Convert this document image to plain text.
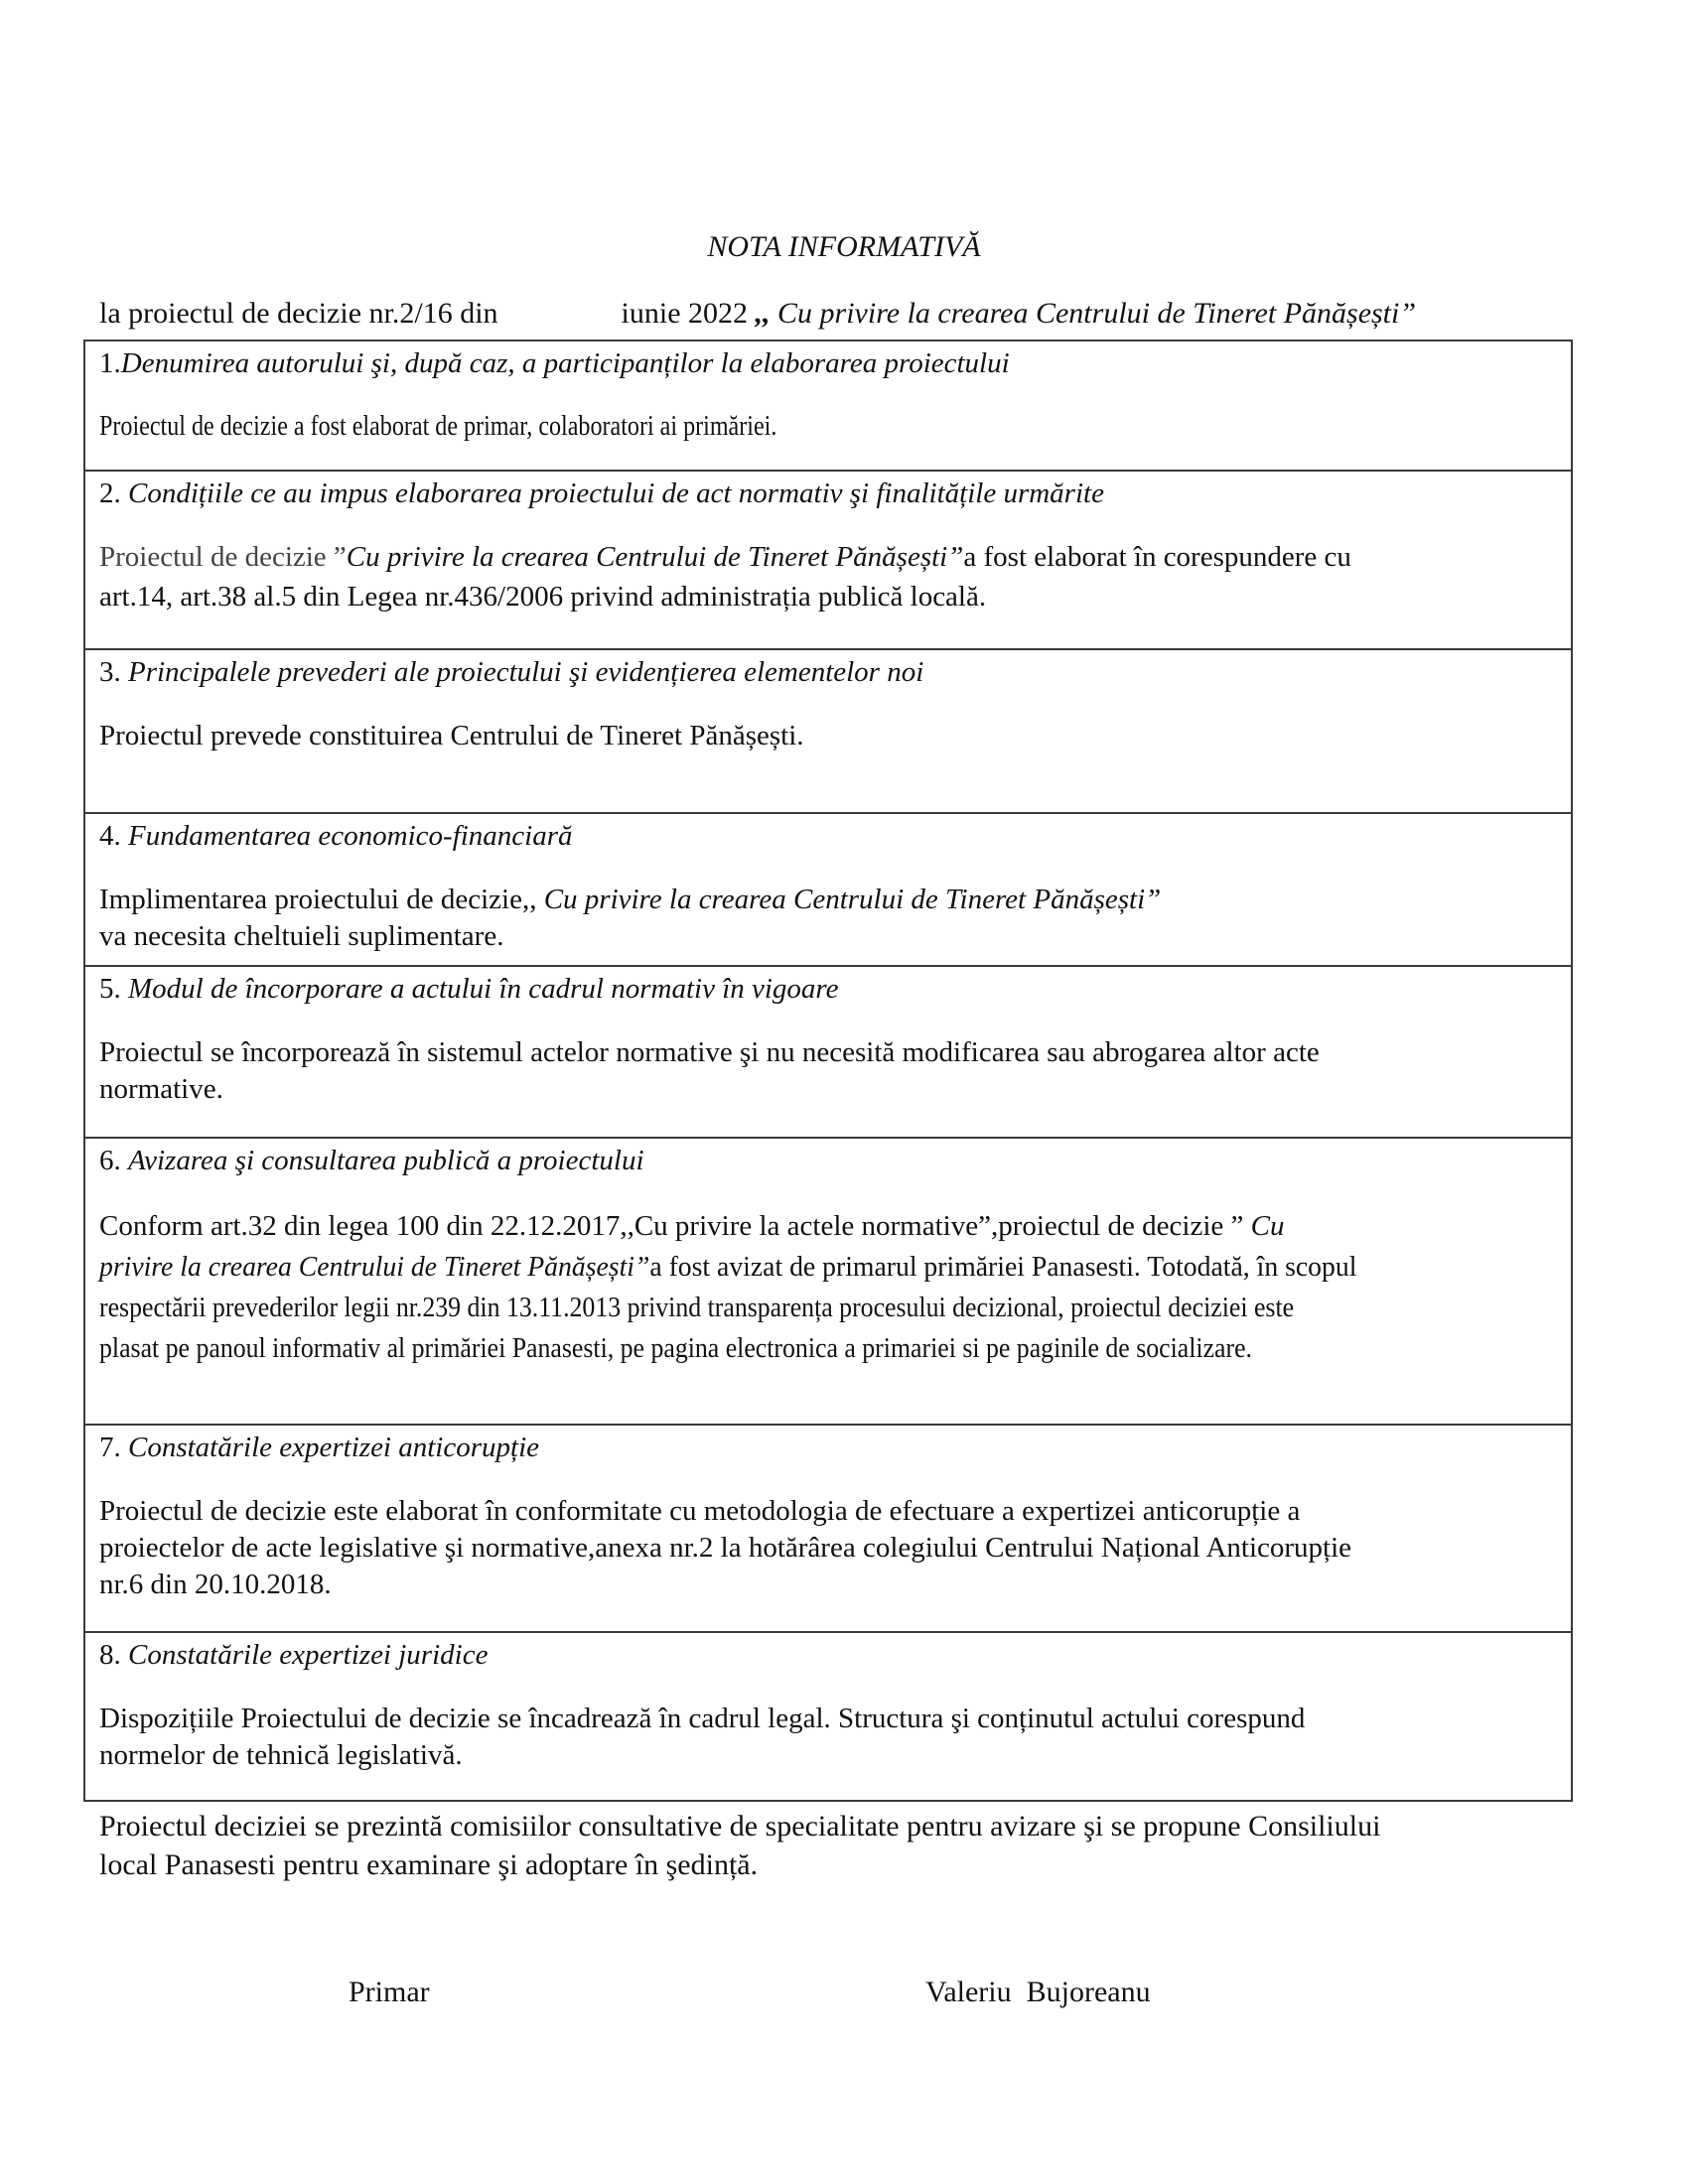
NOTA INFORMATIVĂ
la proiectul de decizie nr.2/16 din	iunie 2022 ,, Cu privire la crearea Centrului de Tineret Pănășești”
1.Denumirea autorului şi, după caz, a participanților la elaborarea proiectului
Proiectul de decizie a fost elaborat de primar, colaboratori ai primăriei.
2. Condițiile ce au impus elaborarea proiectului de act normativ şi finalitățile urmărite
Proiectul de decizie ”Cu privire la crearea Centrului de Tineret Pănășești”a fost elaborat în corespundere cu
art.14, art.38 al.5 din Legea nr.436/2006 privind administrația publică locală.
3. Principalele prevederi ale proiectului şi evidențierea elementelor noi
Proiectul prevede constituirea Centrului de Tineret Pănășești.
4. Fundamentarea economico-financiară
Implimentarea proiectului de decizie,, Cu privire la crearea Centrului de Tineret Pănășești”
va necesita cheltuieli suplimentare.
5. Modul de încorporare a actului în cadrul normativ în vigoare
Proiectul se încorporează în sistemul actelor normative şi nu necesită modificarea sau abrogarea altor acte
normative.
6. Avizarea şi consultarea publică a proiectului
Conform art.32 din legea 100 din 22.12.2017,,Cu privire la actele normative”,proiectul de decizie ” Cu
privire la crearea Centrului de Tineret Pănășești”a fost avizat de primarul primăriei Panasesti. Totodată, în scopul
respectării prevederilor legii nr.239 din 13.11.2013 privind transparența procesului decizional, proiectul deciziei este
plasat pe panoul informativ al primăriei Panasesti, pe pagina electronica a primariei si pe paginile de socializare.
7. Constatările expertizei anticorupție
Proiectul de decizie este elaborat în conformitate cu metodologia de efectuare a expertizei anticorupție a
proiectelor de acte legislative şi normative,anexa nr.2 la hotărârea colegiului Centrului Național Anticorupție
nr.6 din 20.10.2018.
8. Constatările expertizei juridice
Dispozițiile Proiectului de decizie se încadrează în cadrul legal. Structura şi conținutul actului corespund
normelor de tehnică legislativă.
Proiectul deciziei se prezintă comisiilor consultative de specialitate pentru avizare şi se propune Consiliului
local Panasesti pentru examinare şi adoptare în şedință.
Primar	Valeriu  Bujoreanu
